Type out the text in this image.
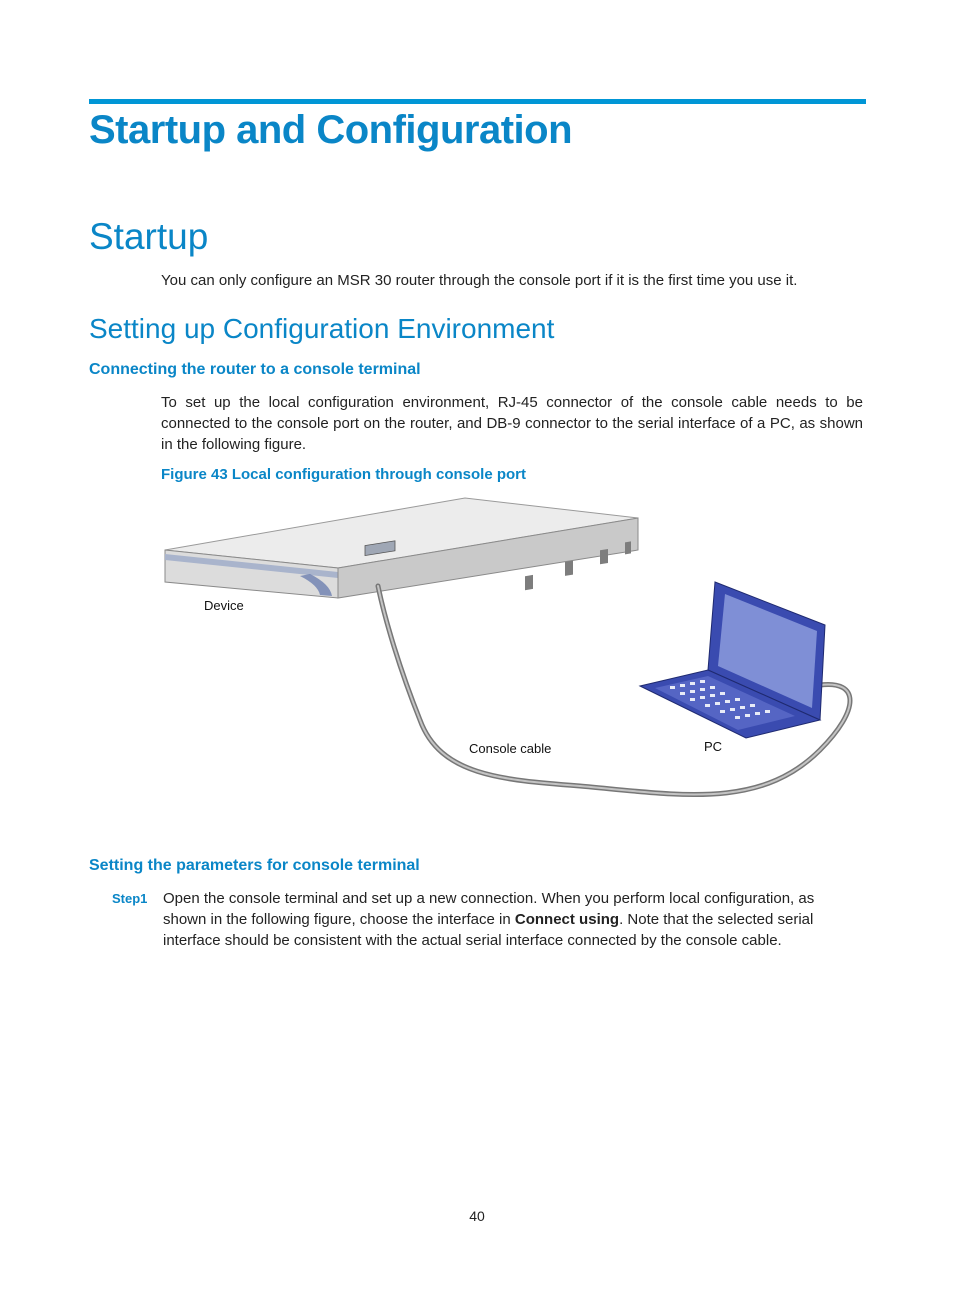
Startup and Configuration
Startup

You can only configure an MSR 30 router through the console port if it is the first time you use it.

Setting up Configuration Environment
Connecting the router to a console terminal

To set up the local configuration environment, RJ-45 connector of the console cable needs to be connected to the console port on the router, and DB-9 connector to the serial interface of a PC, as shown in the following figure.

Figure 43 Local configuration through console port

Device
Console cable	PC
Setting the parameters for console terminal
Step1 Open the console terminal and set up a new connection. When you perform local configuration, as shown in the following figure, choose the interface in Connect using. Note that the selected serial interface should be consistent with the actual serial interface connected by the console cable.

40
